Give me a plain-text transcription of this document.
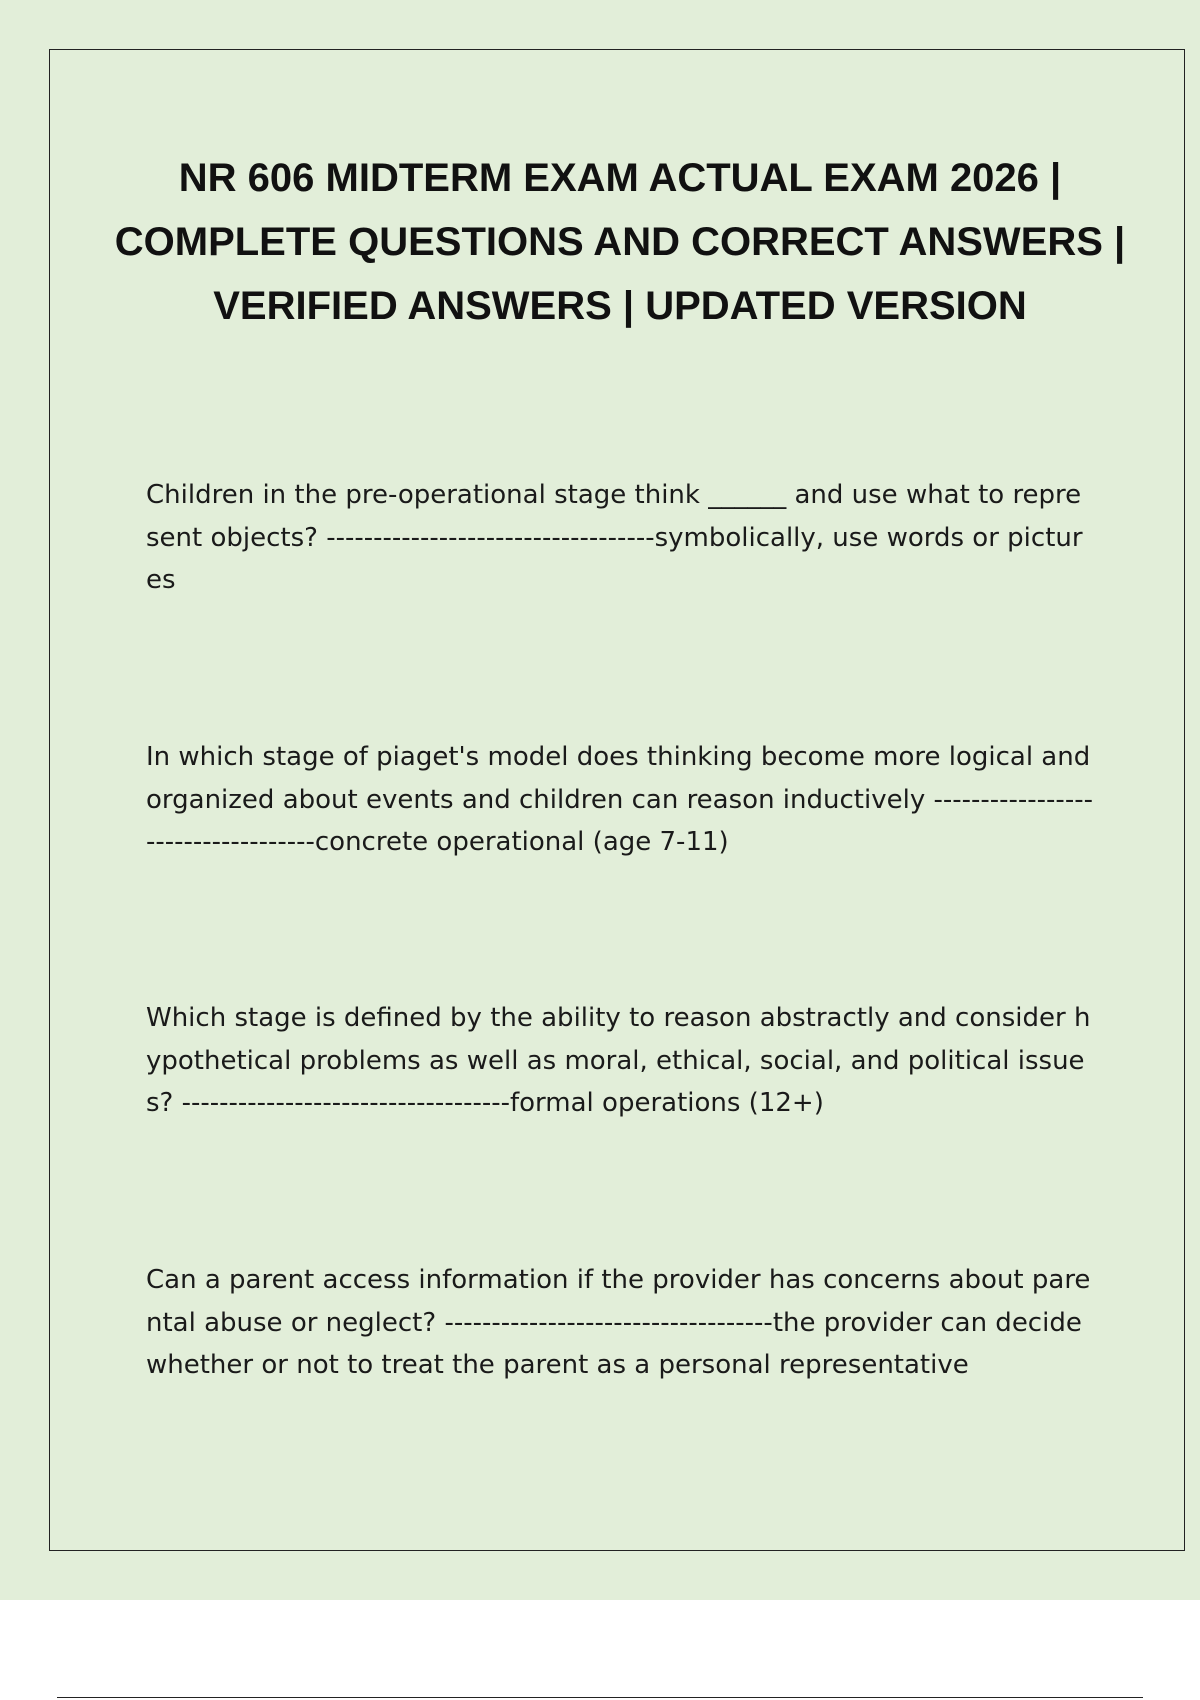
NR 606 MIDTERM EXAM ACTUAL EXAM 2026 | COMPLETE QUESTIONS AND CORRECT ANSWERS | VERIFIED ANSWERS | UPDATED VERSION

Children in the pre-operational stage think ______ and use what to represent objects? -----------------------------------symbolically, use words or pictures

In which stage of piaget's model does thinking become more logical and organized about events and children can reason inductively -----------------------------------concrete operational (age 7-11)

Which stage is defined by the ability to reason abstractly and consider hypothetical problems as well as moral, ethical, social, and political issues? -----------------------------------formal operations (12+)

Can a parent access information if the provider has concerns about parental abuse or neglect? -----------------------------------the provider can decide whether or not to treat the parent as a personal representative
